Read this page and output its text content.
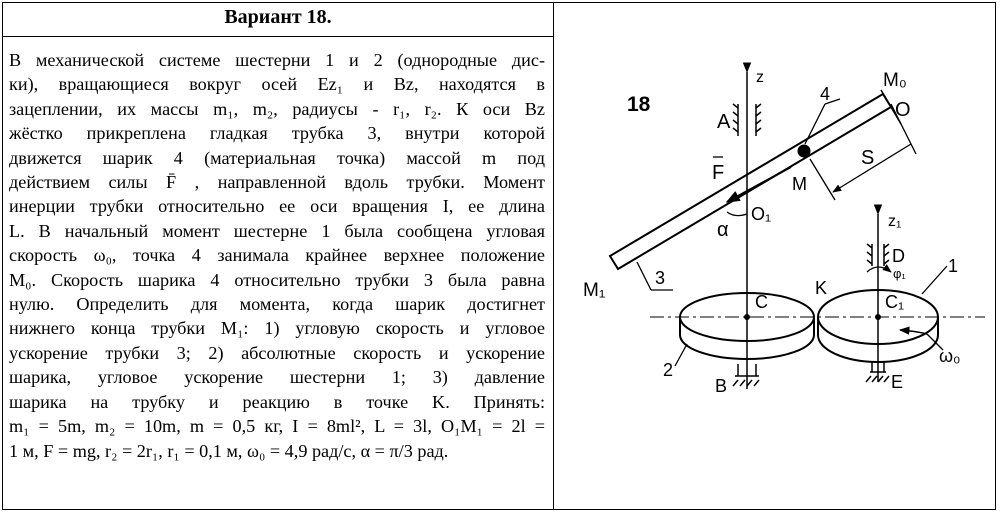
Вариант 18.
В механической системе шестерни 1 и 2 (однородные дис-
ки), вращающиеся вокруг осей Ez₁ и Bz, находятся в
зацеплении, их массы m₁, m₂, радиусы - r₁, r₂. К оси Bz
жёстко прикреплена гладкая трубка 3, внутри которой
движется шарик 4 (материальная точка) массой m под
действием силы F̄ , направленной вдоль трубки. Момент
инерции трубки относительно ее оси вращения I, ее длина
L. В начальный момент шестерне 1 была сообщена угловая
скорость ω₀, точка 4 занимала крайнее верхнее положение
M₀. Скорость шарика 4 относительно трубки 3 была равна
нулю. Определить для момента, когда шарик достигнет
нижнего конца трубки M₁: 1) угловую скорость и угловое
ускорение трубки 3; 2) абсолютные скорость и ускорение
шарика, угловое ускорение шестерни 1; 3) давление
шарика на трубку и реакцию в точке K. Принять:
m₁ = 5m, m₂ = 10m, m = 0,5 кг, I = 8ml², L = 3l, O₁M₁ = 2l =
1 м, F = mg, r₂ = 2r₁, r₁ = 0,1 м, ω₀ = 4,9 рад/с, α = π/3 рад.
18
z
A
4
M₀
O
S
F	M
O₁
α	z₁
D
φ₁ 1
K
C	C₁
3
M₁
2
ω₀
B	E
